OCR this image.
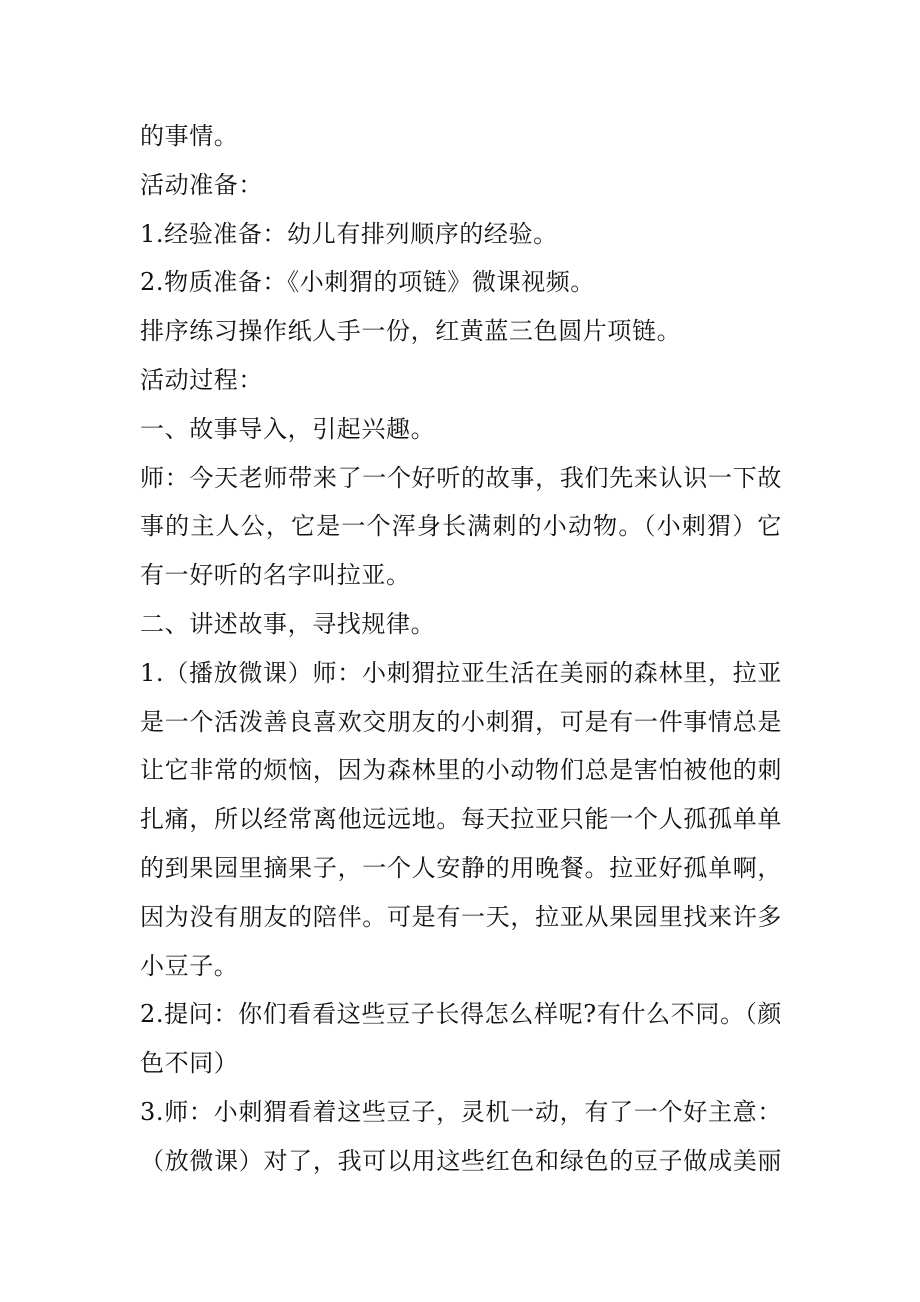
的事情。
活动准备：
1.经验准备：幼儿有排列顺序的经验。
2.物质准备：《小刺猬的项链》微课视频。
排序练习操作纸人手一份，红黄蓝三色圆片项链。
活动过程：
一、故事导入，引起兴趣。
师：今天老师带来了一个好听的故事，我们先来认识一下故
事的主人公，它是一个浑身长满刺的小动物。（小刺猬）它
有一好听的名字叫拉亚。
二、讲述故事，寻找规律。
1.（播放微课）师：小刺猬拉亚生活在美丽的森林里，拉亚
是一个活泼善良喜欢交朋友的小刺猬，可是有一件事情总是
让它非常的烦恼，因为森林里的小动物们总是害怕被他的刺
扎痛，所以经常离他远远地。每天拉亚只能一个人孤孤单单
的到果园里摘果子，一个人安静的用晚餐。拉亚好孤单啊，
因为没有朋友的陪伴。可是有一天，拉亚从果园里找来许多
小豆子。
2.提问：你们看看这些豆子长得怎么样呢?有什么不同。（颜
色不同）
3.师：小刺猬看着这些豆子，灵机一动，有了一个好主意：
（放微课）对了，我可以用这些红色和绿色的豆子做成美丽
